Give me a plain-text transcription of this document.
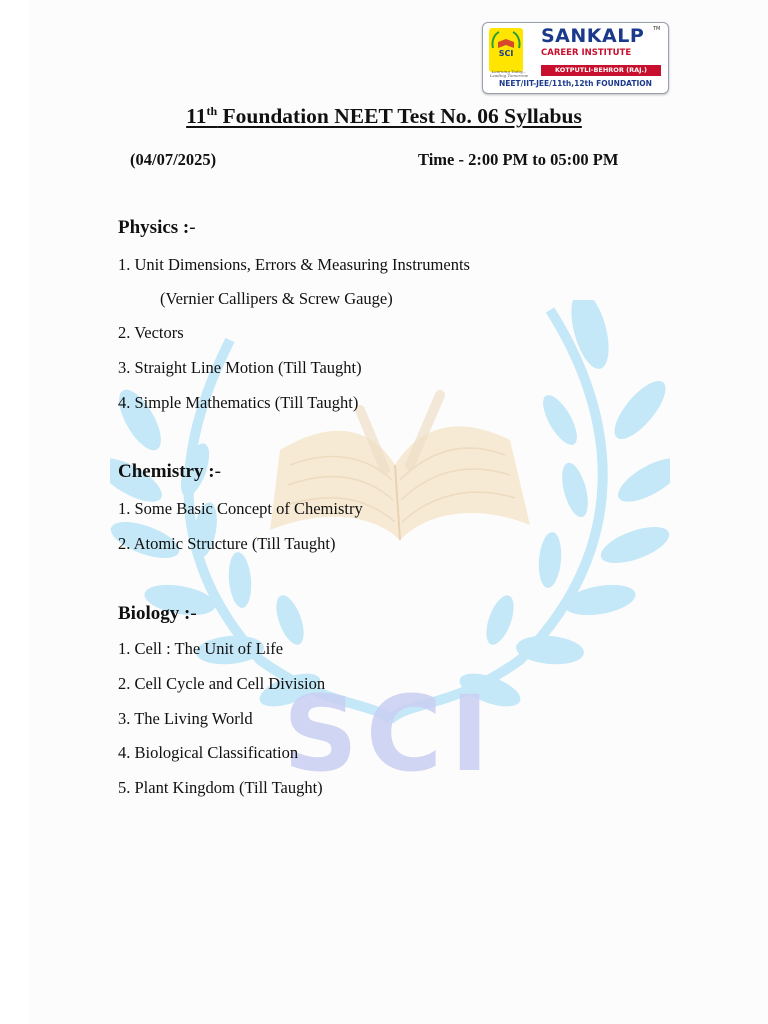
SCI
SCI
Learning Today... Leading Tomorrow
SANKALP TM
CAREER INSTITUTE
KOTPUTLI-BEHROR (RAJ.)
NEET/IIT-JEE/11th,12th FOUNDATION
11th Foundation NEET Test No. 06 Syllabus
(04/07/2025)	Time - 2:00 PM to 05:00 PM
Physics :-
1. Unit Dimensions, Errors & Measuring Instruments
(Vernier Callipers & Screw Gauge)
2. Vectors
3. Straight Line Motion (Till Taught)
4. Simple Mathematics (Till Taught)
Chemistry :-
1. Some Basic Concept of Chemistry
2. Atomic Structure (Till Taught)
Biology :-
1. Cell : The Unit of Life
2. Cell Cycle and Cell Division
3. The Living World
4. Biological Classification
5. Plant Kingdom (Till Taught)
